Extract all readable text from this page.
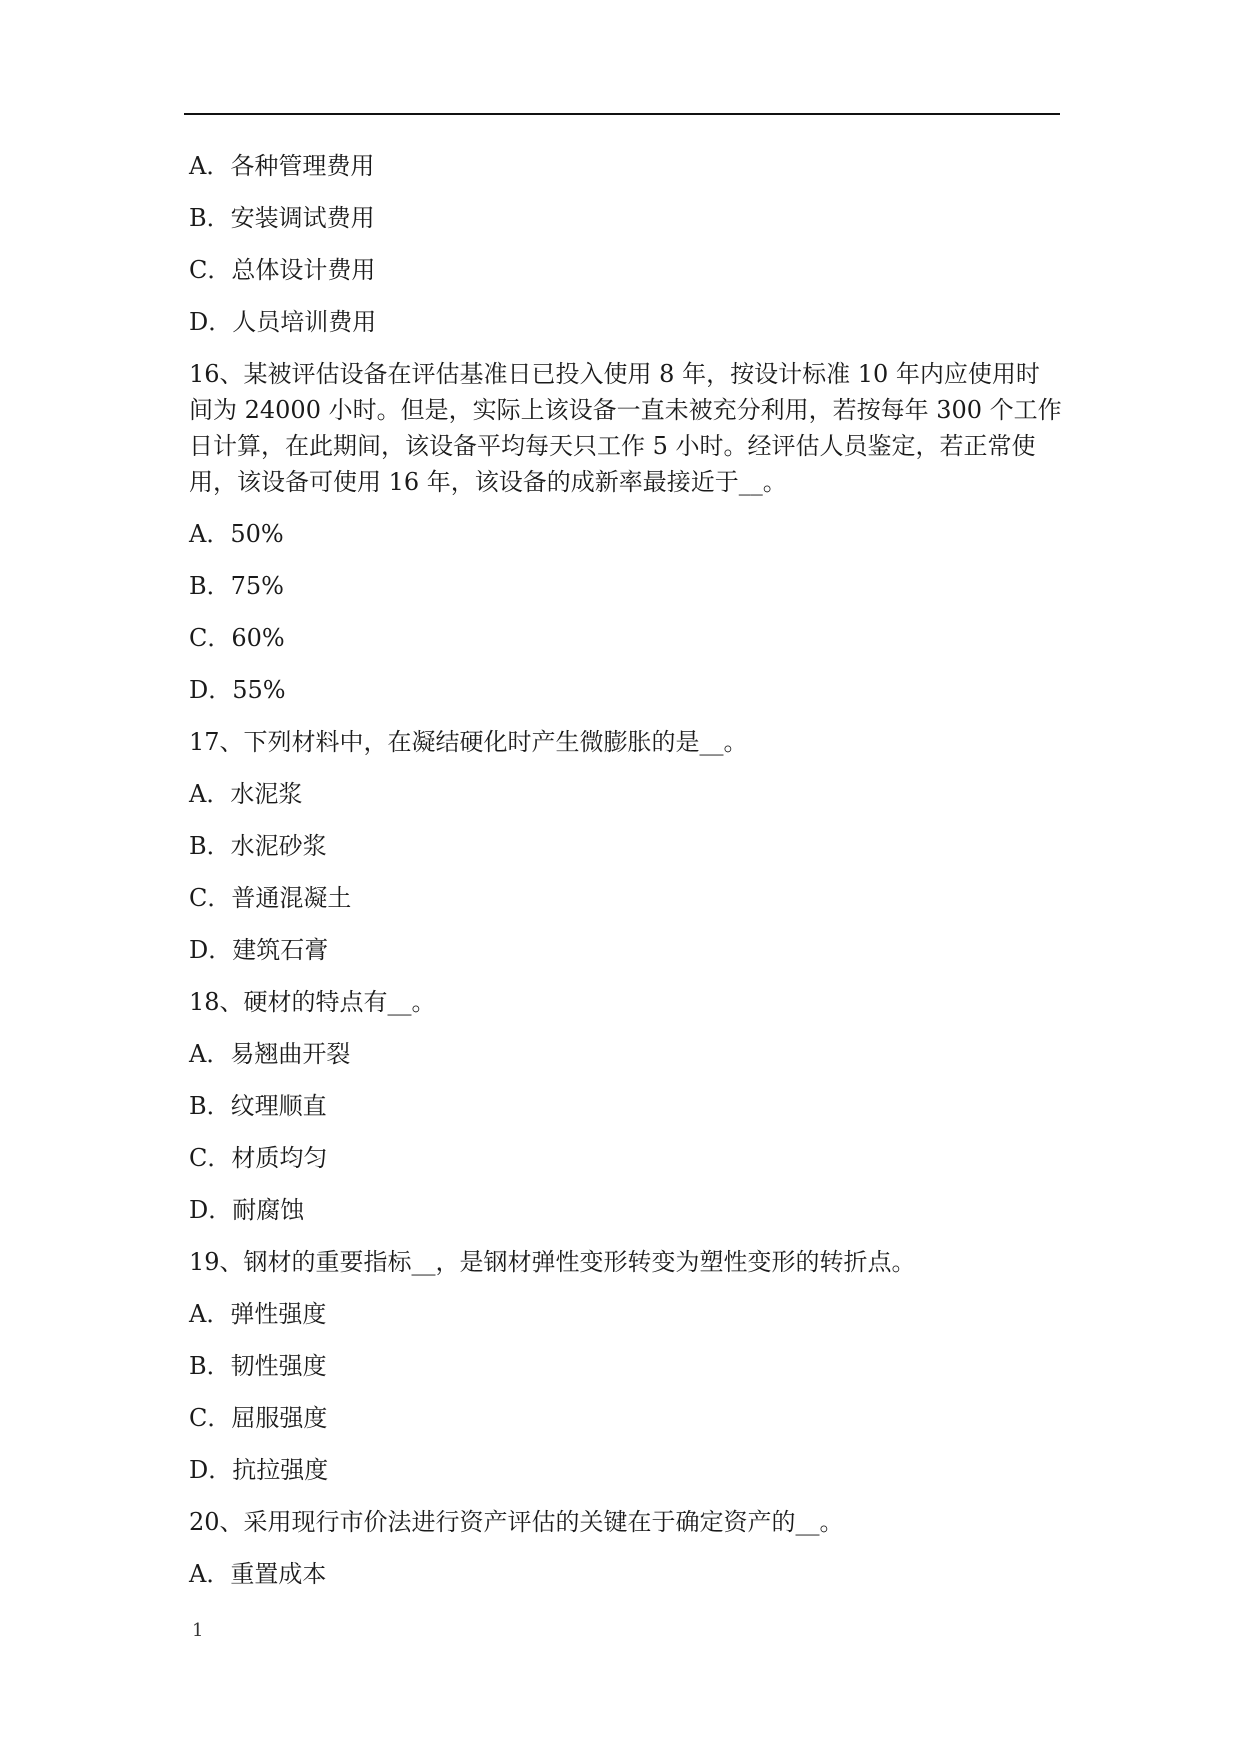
A．各种管理费用
B．安装调试费用
C．总体设计费用
D．人员培训费用
16、某被评估设备在评估基准日已投入使用 8 年，按设计标准 10 年内应使用时
间为 24000 小时。但是，实际上该设备一直未被充分利用，若按每年 300 个工作
日计算，在此期间，该设备平均每天只工作 5 小时。经评估人员鉴定，若正常使
用，该设备可使用 16 年，该设备的成新率最接近于__。
A．50%
B．75%
C．60%
D．55%
17、下列材料中，在凝结硬化时产生微膨胀的是__。
A．水泥浆
B．水泥砂浆
C．普通混凝土
D．建筑石膏
18、硬材的特点有__。
A．易翘曲开裂
B．纹理顺直
C．材质均匀
D．耐腐蚀
19、钢材的重要指标__，是钢材弹性变形转变为塑性变形的转折点。
A．弹性强度
B．韧性强度
C．屈服强度
D．抗拉强度
20、采用现行市价法进行资产评估的关键在于确定资产的__。
A．重置成本
1
